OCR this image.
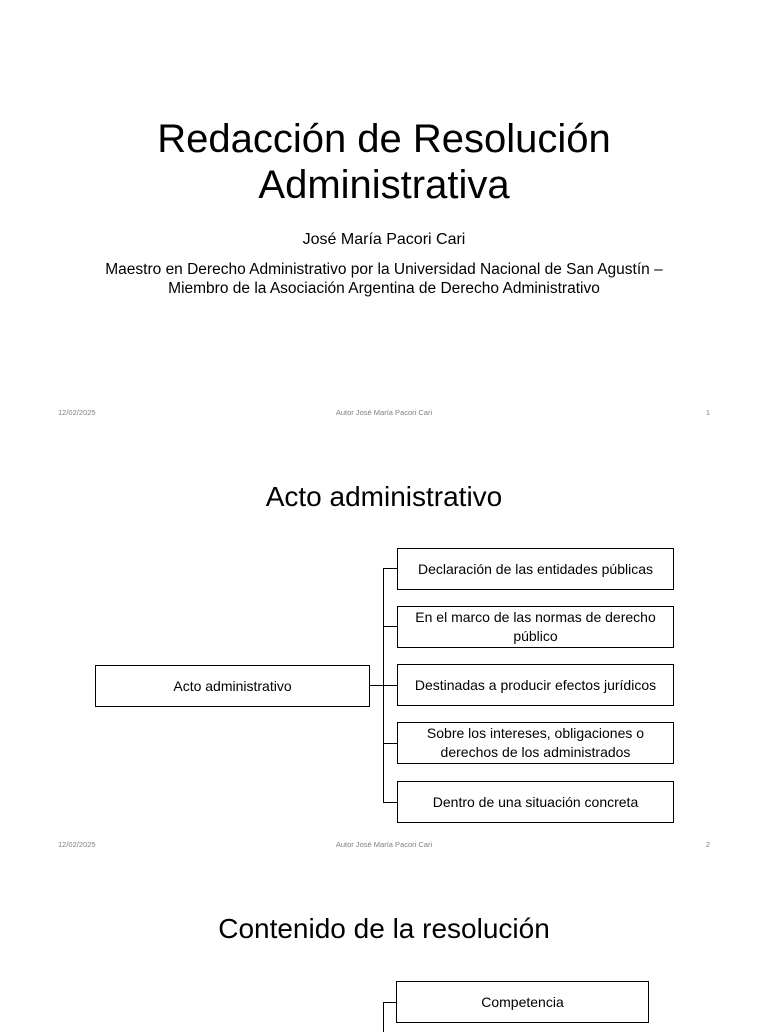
Redacción de Resolución
Administrativa
José María Pacori Cari
Maestro en Derecho Administrativo por la Universidad Nacional de San Agustín – Miembro de la Asociación Argentina de Derecho Administrativo
12/02/2025	Autor José María Pacori Cari	1
Acto administrativo
Acto administrativo
Declaración de las entidades públicas
En el marco de las normas de derecho público
Destinadas a producir efectos jurídicos
Sobre los intereses, obligaciones o derechos de los administrados
Dentro de una situación concreta
12/02/2025	Autor José María Pacori Cari	2
Contenido de la resolución
Competencia
